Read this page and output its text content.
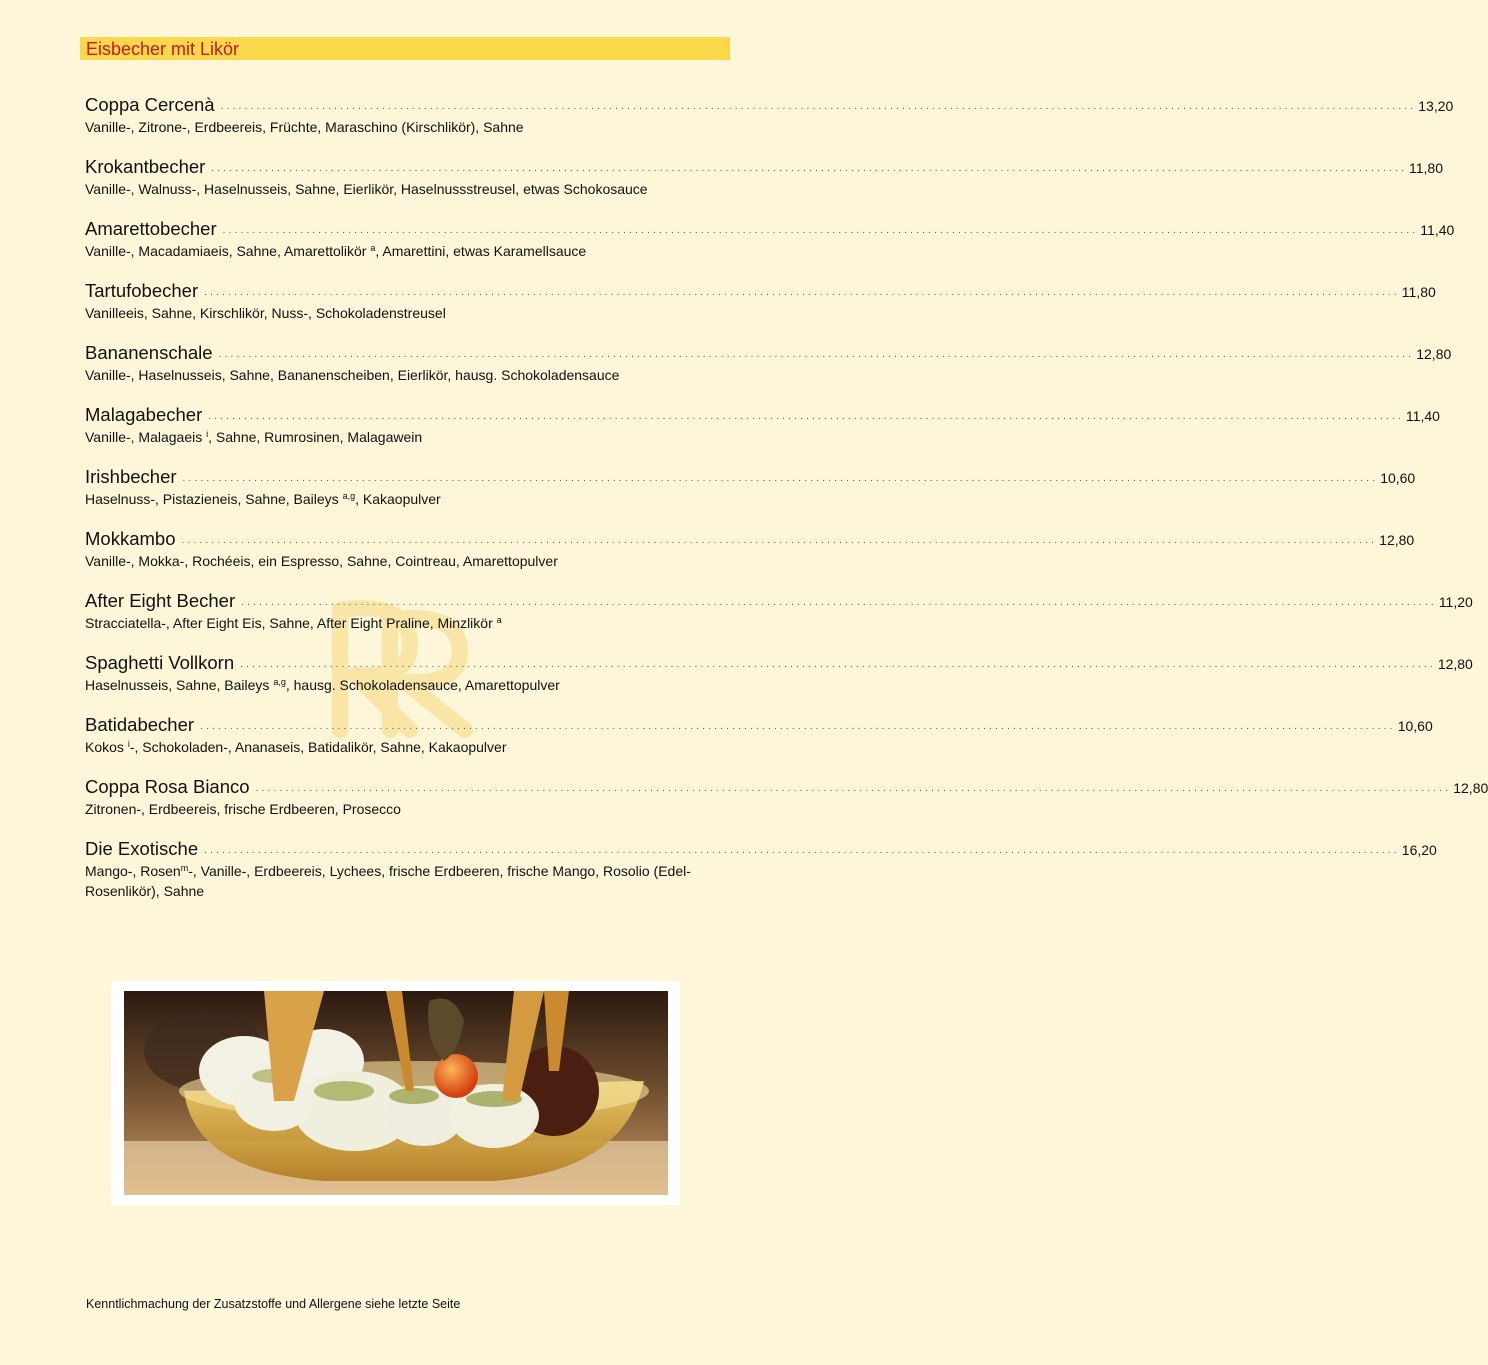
Eisbecher mit Likör
Coppa Cercenà ........................................................................................................................................................................................................ 13,20
Vanille-, Zitrone-, Erdbeereis, Früchte, Maraschino (Kirschlikör), Sahne
Krokantbecher ........................................................................................................................................................................................................ 11,80
Vanille-, Walnuss-, Haselnusseis, Sahne, Eierlikör, Haselnussstreusel, etwas Schokosauce
Amarettobecher ........................................................................................................................................................................................................ 11,40
Vanille-, Macadamiaeis, Sahne, Amarettolikör $^a$, Amarettini, etwas Karamellsauce
Tartufobecher ........................................................................................................................................................................................................ 11,80
Vanilleeis, Sahne, Kirschlikör, Nuss-, Schokoladenstreusel
Bananenschale ........................................................................................................................................................................................................ 12,80
Vanille-, Haselnusseis, Sahne, Bananenscheiben, Eierlikör, hausg. Schokoladensauce
Malagabecher ........................................................................................................................................................................................................ 11,40
Vanille-, Malagaeis $^i$, Sahne, Rumrosinen, Malagawein
Irishbecher ........................................................................................................................................................................................................ 10,60
Haselnuss-, Pistazieneis, Sahne, Baileys $^{a,g}$, Kakaopulver
Mokkambo ........................................................................................................................................................................................................ 12,80
Vanille-, Mokka-, Rochéeis, ein Espresso, Sahne, Cointreau, Amarettopulver
After Eight Becher ........................................................................................................................................................................................................ 11,20
Stracciatella-, After Eight Eis, Sahne, After Eight Praline, Minzlikör $^a$
Spaghetti Vollkorn ........................................................................................................................................................................................................ 12,80
Haselnusseis, Sahne, Baileys $^{a,g}$, hausg. Schokoladensauce, Amarettopulver
Batidabecher ........................................................................................................................................................................................................ 10,60
Kokos $^i$-, Schokoladen-, Ananaseis, Batidalikör, Sahne, Kakaopulver
Coppa Rosa Bianco ........................................................................................................................................................................................................ 12,80
Zitronen-, Erdbeereis, frische Erdbeeren, Prosecco
Die Exotische ........................................................................................................................................................................................................ 16,20
Mango-, Rosen$^m$-, Vanille-, Erdbeereis, Lychees, frische Erdbeeren, frische Mango, Rosolio (Edel-Rosenlikör), Sahne
Kenntlichmachung der Zusatzstoffe und Allergene siehe letzte Seite
